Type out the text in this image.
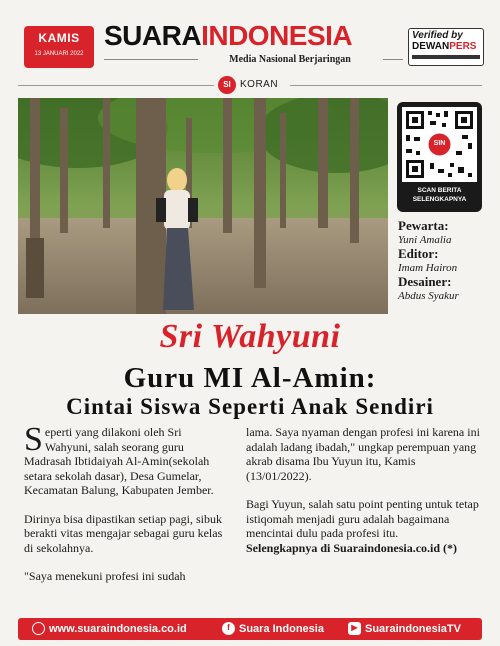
KAMIS
13 JANUARI 2022
SUARAINDONESIA
Media Nasional Berjaringan
Verified by
DEWANPERS
SI KORAN
SIN
SCAN BERITA
SELENGKAPNYA
Pewarta:
Yuni Amalia
Editor:
Imam Hairon
Desainer:
Abdus Syakur
Sri Wahyuni
Guru MI Al-Amin:
Cintai Siswa Seperti Anak Sendiri

Seperti yang dilakoni oleh Sri Wahyuni, salah seorang guru Madrasah Ibtidaiyah Al-Amin(sekolah setara sekolah dasar), Desa Gumelar, Kecamatan Balung, Kabupaten Jember.

Dirinya bisa dipastikan setiap pagi, sibuk berakti vitas mengajar sebagai guru kelas di sekolahnya.

"Saya menekuni profesi ini sudah

lama. Saya nyaman dengan profesi ini karena ini adalah ladang ibadah," ungkap perempuan yang akrab disama Ibu Yuyun itu, Kamis (13/01/2022).

Bagi Yuyun, salah satu point penting untuk tetap istiqomah menjadi guru adalah bagaimana mencintai dulu pada profesi itu.

Selengkapnya di Suaraindonesia.co.id (*)

www.suaraindonesia.co.id	f Suara Indonesia	▶ SuaraindonesiaTV
